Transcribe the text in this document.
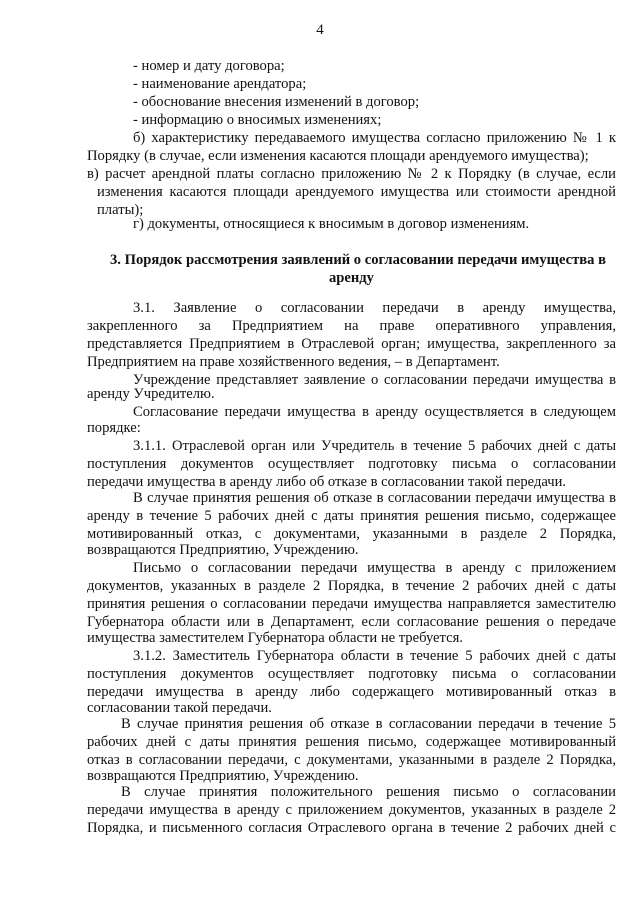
4
- номер и дату договора;
- наименование арендатора;
- обоснование внесения изменений в договор;
- информацию о вносимых изменениях;
б) характеристику передаваемого имущества согласно приложению № 1 к
Порядку (в случае, если изменения касаются площади арендуемого имущества);
в) расчет арендной платы согласно приложению № 2 к Порядку (в случае, если
изменения касаются площади арендуемого имущества или стоимости арендной
платы);
г) документы, относящиеся к вносимым в договор изменениям.
3. Порядок рассмотрения заявлений о согласовании передачи имущества в
аренду
3.1. Заявление о согласовании передачи в аренду имущества,
закрепленного за Предприятием на праве оперативного управления,
представляется Предприятием в Отраслевой орган; имущества, закрепленного за
Предприятием на праве хозяйственного ведения, – в Департамент.
Учреждение представляет заявление о согласовании передачи имущества в
аренду Учредителю.
Согласование передачи имущества в аренду осуществляется в следующем
порядке:
3.1.1. Отраслевой орган или Учредитель в течение 5 рабочих дней с даты
поступления документов осуществляет подготовку письма о согласовании
передачи имущества в аренду либо об отказе в согласовании такой передачи.
В случае принятия решения об отказе в согласовании передачи имущества в
аренду в течение 5 рабочих дней с даты принятия решения письмо, содержащее
мотивированный отказ, с документами, указанными в разделе 2 Порядка,
возвращаются Предприятию, Учреждению.
Письмо о согласовании передачи имущества в аренду с приложением
документов, указанных в разделе 2 Порядка, в течение 2 рабочих дней с даты
принятия решения о согласовании передачи имущества направляется заместителю
Губернатора области или в Департамент, если согласование решения о передаче
имущества заместителем Губернатора области не требуется.
3.1.2. Заместитель Губернатора области в течение 5 рабочих дней с даты
поступления документов осуществляет подготовку письма о согласовании
передачи имущества в аренду либо содержащего мотивированный отказ в
согласовании такой передачи.
В случае принятия решения об отказе в согласовании передачи в течение 5
рабочих дней с даты принятия решения письмо, содержащее мотивированный
отказ в согласовании передачи, с документами, указанными в разделе 2 Порядка,
возвращаются Предприятию, Учреждению.
В случае принятия положительного решения письмо о согласовании
передачи имущества в аренду с приложением документов, указанных в разделе 2
Порядка, и письменного согласия Отраслевого органа в течение 2 рабочих дней с
